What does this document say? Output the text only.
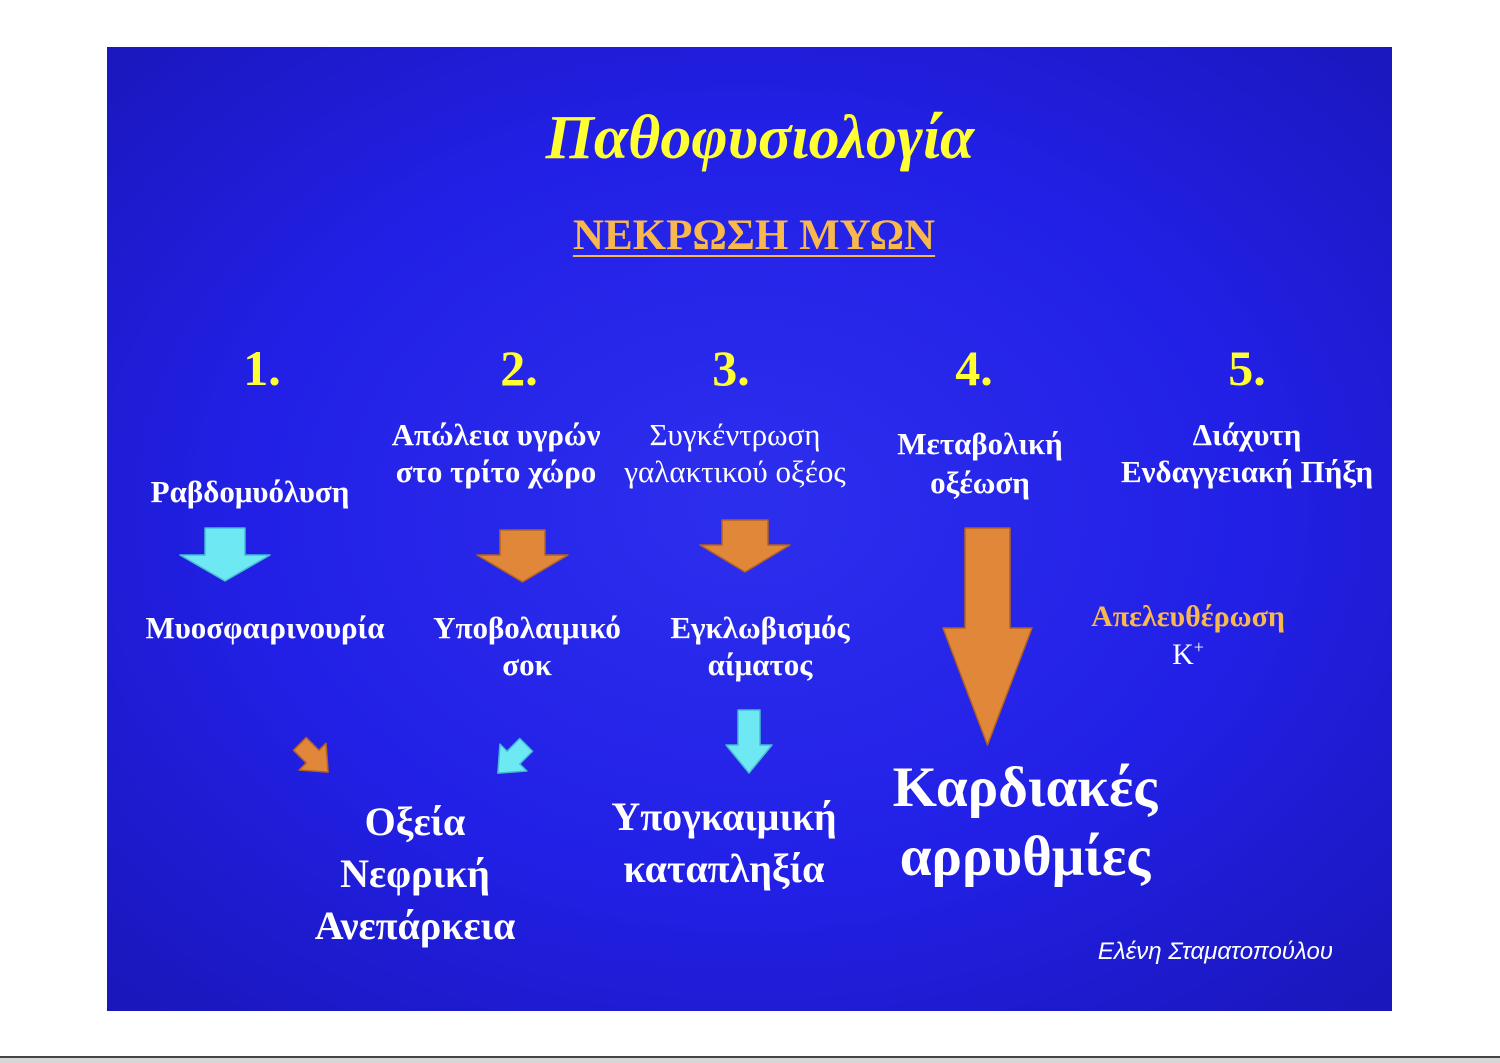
Παθοφυσιολογία
ΝΕΚΡΩΣΗ ΜΥΩΝ
1.	2.	3.	4.	5.
Ραβδομυόλυση
Απώλεια υγρών
στο τρίτο χώρο
Συγκέντρωση
γαλακτικού οξέος
Μεταβολική
οξέωση
Διάχυτη
Ενδαγγειακή Πήξη
Μυοσφαιρινουρία Υποβολαιμικό
σοκ
Εγκλωβισμός
αίματος
Απελευθέρωση
K+
Οξεία
Νεφρική
Ανεπάρκεια
Υπογκαιμική
καταπληξία
Καρδιακές
αρρυθμίες
Ελένη Σταματοπούλου
